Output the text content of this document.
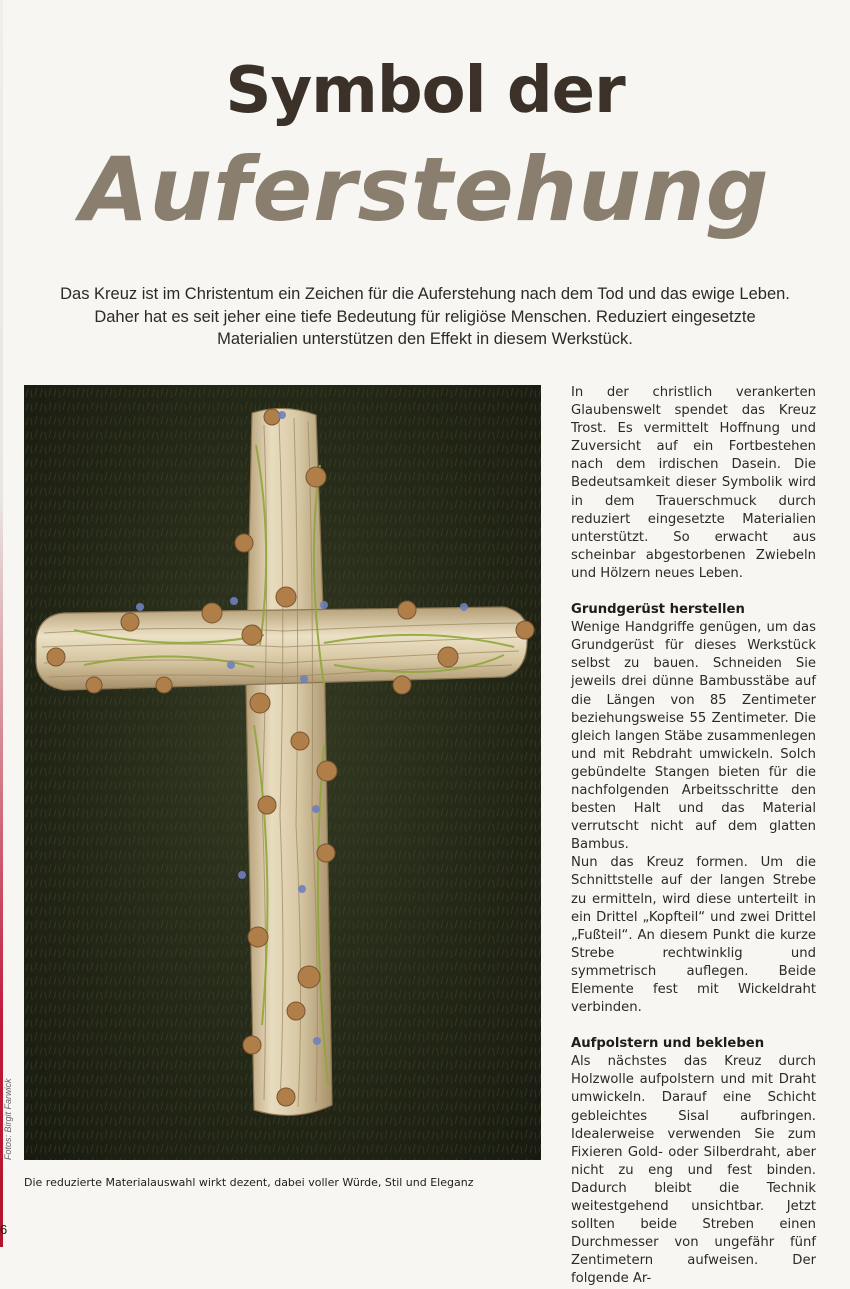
Symbol der
Auferstehung
Das Kreuz ist im Christentum ein Zeichen für die Auferstehung nach dem Tod und das ewige Leben. Daher hat es seit jeher eine tiefe Bedeutung für religiöse Menschen. Reduziert eingesetzte Materialien unterstützen den Effekt in diesem Werkstück.
Fotos: Birgit Farwick
Die reduzierte Materialauswahl wirkt dezent, dabei voller Würde, Stil und Eleganz
6

In der christlich verankerten Glaubenswelt spendet das Kreuz Trost. Es vermittelt Hoffnung und Zuversicht auf ein Fortbestehen nach dem irdischen Dasein. Die Bedeutsamkeit dieser Symbolik wird in dem Trauerschmuck durch reduziert eingesetzte Materialien unterstützt. So erwacht aus scheinbar abgestorbenen Zwiebeln und Hölzern neues Leben.

Grundgerüst herstellen

Wenige Handgriffe genügen, um das Grundgerüst für dieses Werkstück selbst zu bauen. Schneiden Sie jeweils drei dünne Bambusstäbe auf die Längen von 85 Zentimeter beziehungsweise 55 Zentimeter. Die gleich langen Stäbe zusammenlegen und mit Rebdraht umwickeln. Solch gebündelte Stangen bieten für die nachfolgenden Arbeitsschritte den besten Halt und das Material verrutscht nicht auf dem glatten Bambus.

Nun das Kreuz formen. Um die Schnittstelle auf der langen Strebe zu ermitteln, wird diese unterteilt in ein Drittel „Kopfteil“ und zwei Drittel „Fußteil“. An diesem Punkt die kurze Strebe rechtwinklig und symmetrisch auflegen. Beide Elemente fest mit Wickeldraht verbinden.

Aufpolstern und bekleben

Als nächstes das Kreuz durch Holzwolle aufpolstern und mit Draht umwickeln. Darauf eine Schicht gebleichtes Sisal aufbringen. Idealerweise verwenden Sie zum Fixieren Gold- oder Silberdraht, aber nicht zu eng und fest binden. Dadurch bleibt die Technik weitestgehend unsichtbar. Jetzt sollten beide Streben einen Durchmesser von ungefähr fünf Zentimetern aufweisen. Der folgende Ar-
